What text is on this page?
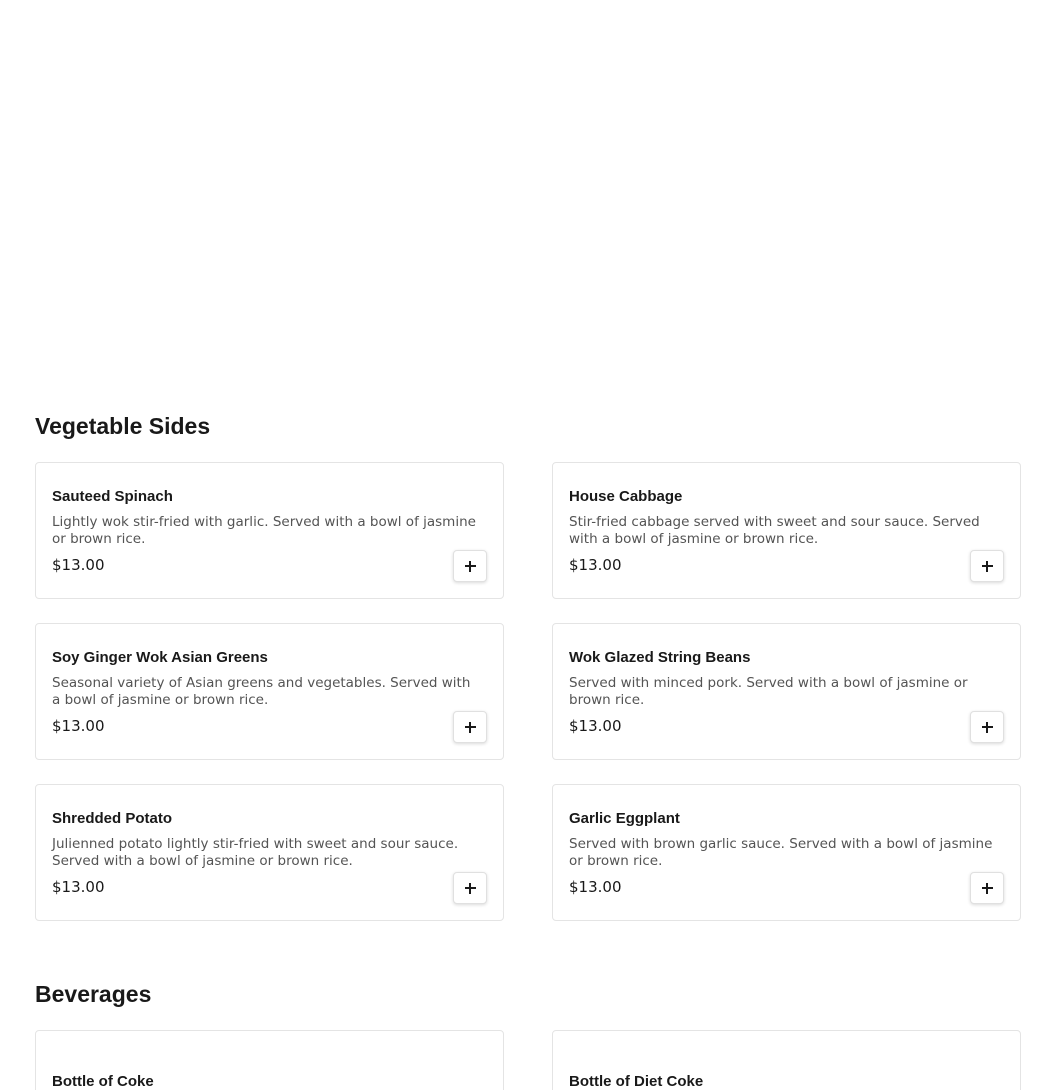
Vegetable Sides
Sauteed Spinach
Lightly wok stir-fried with garlic. Served with a bowl of jasmine or brown rice.
$13.00
House Cabbage
Stir-fried cabbage served with sweet and sour sauce. Served with a bowl of jasmine or brown rice.
$13.00
Soy Ginger Wok Asian Greens
Seasonal variety of Asian greens and vegetables. Served with a bowl of jasmine or brown rice.
$13.00
Wok Glazed String Beans
Served with minced pork. Served with a bowl of jasmine or brown rice.
$13.00
Shredded Potato
Julienned potato lightly stir-fried with sweet and sour sauce. Served with a bowl of jasmine or brown rice.
$13.00
Garlic Eggplant
Served with brown garlic sauce. Served with a bowl of jasmine or brown rice.
$13.00
Beverages
Bottle of Coke	Bottle of Diet Coke
